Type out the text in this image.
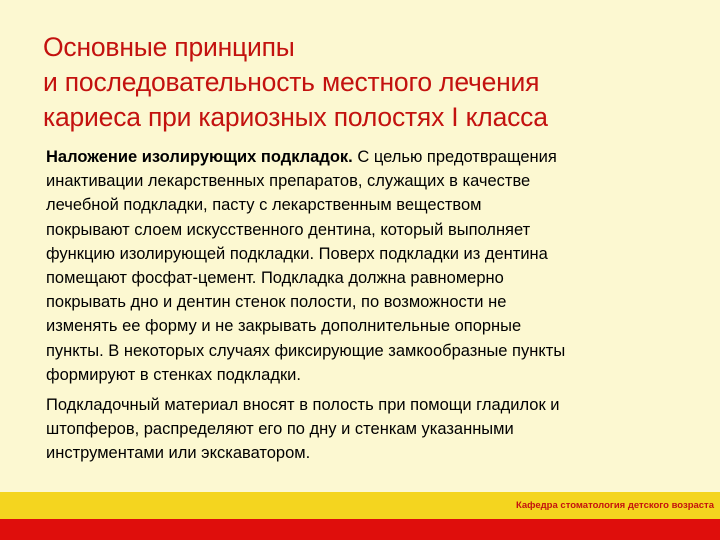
Основные принципы
и последовательность местного лечения
кариеса при кариозных полостях I класса

Наложение изолирующих подкладок. С целью предотвращения
инактивации лекарственных препаратов, служащих в качестве
лечебной подкладки, пасту с лекарственным веществом
покрывают слоем искусственного дентина, который выполняет
функцию изолирующей подкладки. Поверх подкладки из дентина
помещают фосфат-цемент. Подкладка должна равномерно
покрывать дно и дентин стенок полости, по возможности не
изменять ее форму и не закрывать дополнительные опорные
пункты. В некоторых случаях фиксирующие замкообразные пункты
формируют в стенках подкладки.

Подкладочный материал вносят в полость при помощи гладилок и
штопферов, распределяют его по дну и стенкам указанными
инструментами или экскаватором.

Кафедра стоматология детского возраста
